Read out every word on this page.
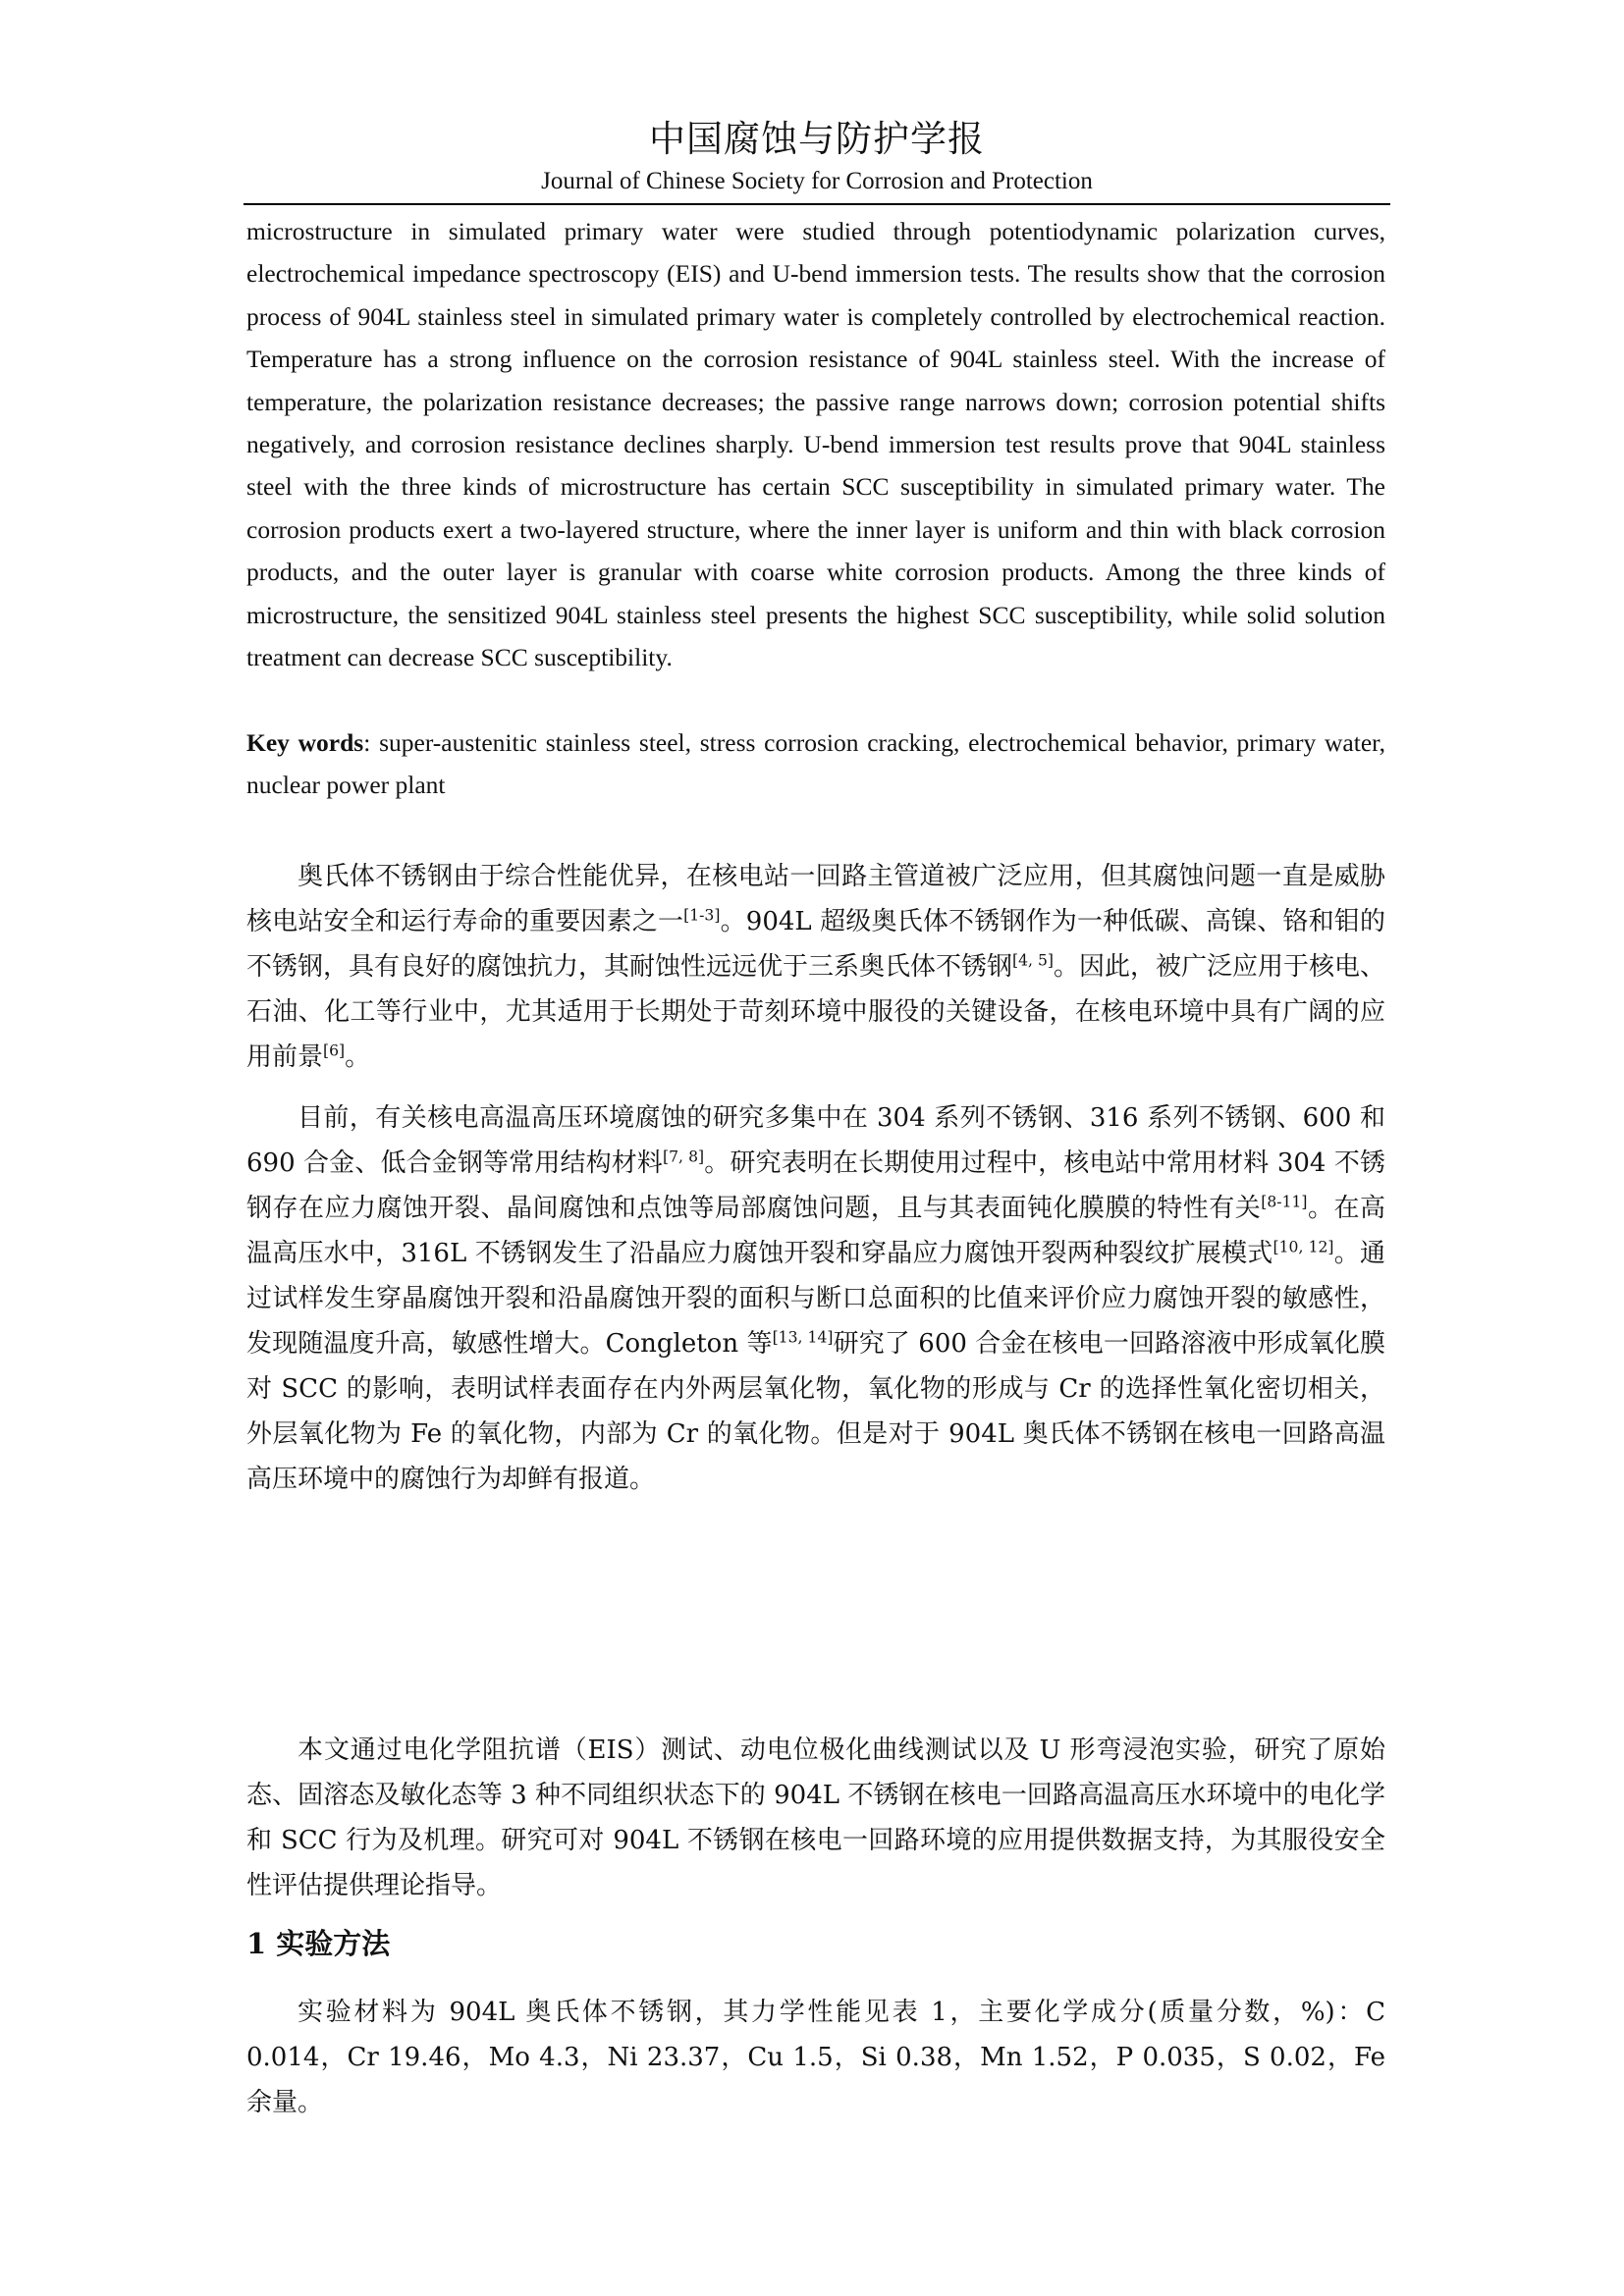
中国腐蚀与防护学报
Journal of Chinese Society for Corrosion and Protection

microstructure in simulated primary water were studied through potentiodynamic polarization curves, electrochemical impedance spectroscopy (EIS) and U-bend immersion tests. The results show that the corrosion process of 904L stainless steel in simulated primary water is completely controlled by electrochemical reaction. Temperature has a strong influence on the corrosion resistance of 904L stainless steel. With the increase of temperature, the polarization resistance decreases; the passive range narrows down; corrosion potential shifts negatively, and corrosion resistance declines sharply. U-bend immersion test results prove that 904L stainless steel with the three kinds of microstructure has certain SCC susceptibility in simulated primary water. The corrosion products exert a two-layered structure, where the inner layer is uniform and thin with black corrosion products, and the outer layer is granular with coarse white corrosion products. Among the three kinds of microstructure, the sensitized 904L stainless steel presents the highest SCC susceptibility, while solid solution treatment can decrease SCC susceptibility.

Key words: super-austenitic stainless steel, stress corrosion cracking, electrochemical behavior, primary water, nuclear power plant

奥氏体不锈钢由于综合性能优异，在核电站一回路主管道被广泛应用，但其腐蚀问题一直是威胁核电站安全和运行寿命的重要因素之一[1-3]。904L 超级奥氏体不锈钢作为一种低碳、高镍、铬和钼的不锈钢，具有良好的腐蚀抗力，其耐蚀性远远优于三系奥氏体不锈钢[4, 5]。因此，被广泛应用于核电、石油、化工等行业中，尤其适用于长期处于苛刻环境中服役的关键设备，在核电环境中具有广阔的应用前景[6]。

目前，有关核电高温高压环境腐蚀的研究多集中在 304 系列不锈钢、316 系列不锈钢、600 和 690 合金、低合金钢等常用结构材料[7, 8]。研究表明在长期使用过程中，核电站中常用材料 304 不锈钢存在应力腐蚀开裂、晶间腐蚀和点蚀等局部腐蚀问题，且与其表面钝化膜膜的特性有关[8-11]。在高温高压水中，316L 不锈钢发生了沿晶应力腐蚀开裂和穿晶应力腐蚀开裂两种裂纹扩展模式[10, 12]。通过试样发生穿晶腐蚀开裂和沿晶腐蚀开裂的面积与断口总面积的比值来评价应力腐蚀开裂的敏感性，发现随温度升高，敏感性增大。Congleton 等[13, 14]研究了 600 合金在核电一回路溶液中形成氧化膜对 SCC 的影响，表明试样表面存在内外两层氧化物，氧化物的形成与 Cr 的选择性氧化密切相关，外层氧化物为 Fe 的氧化物，内部为 Cr 的氧化物。但是对于 904L 奥氏体不锈钢在核电一回路高温高压环境中的腐蚀行为却鲜有报道。

本文通过电化学阻抗谱（EIS）测试、动电位极化曲线测试以及 U 形弯浸泡实验，研究了原始态、固溶态及敏化态等 3 种不同组织状态下的 904L 不锈钢在核电一回路高温高压水环境中的电化学和 SCC 行为及机理。研究可对 904L 不锈钢在核电一回路环境的应用提供数据支持，为其服役安全性评估提供理论指导。

1 实验方法

实验材料为 904L 奥氏体不锈钢，其力学性能见表 1，主要化学成分(质量分数，%)：C 0.014，Cr 19.46，Mo 4.3，Ni 23.37，Cu 1.5，Si 0.38，Mn 1.52，P 0.035，S 0.02，Fe 余量。
